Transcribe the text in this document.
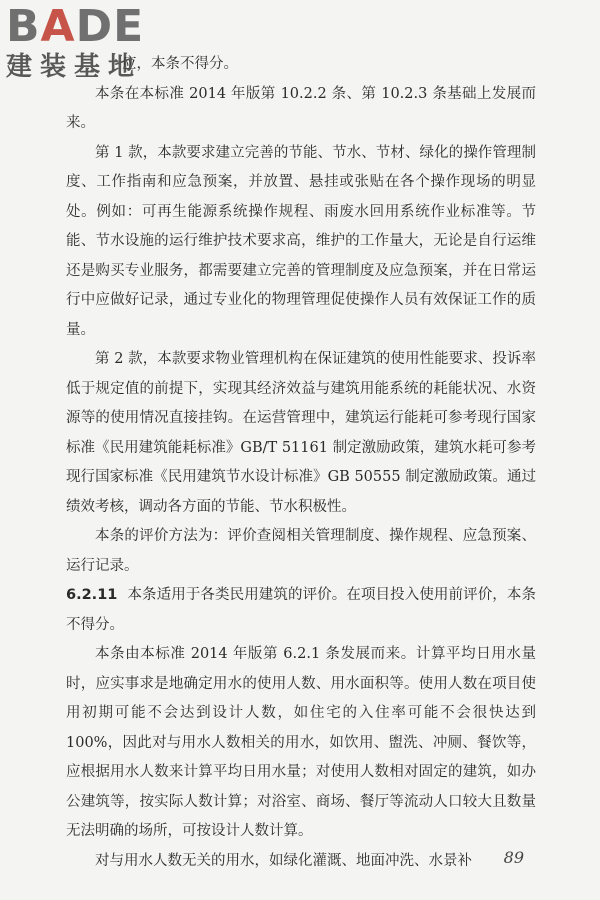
BADE
建装基地

应，本条不得分。

本条在本标准 2014 年版第 10.2.2 条、第 10.2.3 条基础上发展而来。

第 1 款，本款要求建立完善的节能、节水、节材、绿化的操作管理制度、工作指南和应急预案，并放置、悬挂或张贴在各个操作现场的明显处。例如：可再生能源系统操作规程、雨废水回用系统作业标准等。节能、节水设施的运行维护技术要求高，维护的工作量大，无论是自行运维还是购买专业服务，都需要建立完善的管理制度及应急预案，并在日常运行中应做好记录，通过专业化的物理管理促使操作人员有效保证工作的质量。

第 2 款，本款要求物业管理机构在保证建筑的使用性能要求、投诉率低于规定值的前提下，实现其经济效益与建筑用能系统的耗能状况、水资源等的使用情况直接挂钩。在运营管理中，建筑运行能耗可参考现行国家标准《民用建筑能耗标准》GB/T 51161 制定激励政策，建筑水耗可参考现行国家标准《民用建筑节水设计标准》GB 50555 制定激励政策。通过绩效考核，调动各方面的节能、节水积极性。

本条的评价方法为：评价查阅相关管理制度、操作规程、应急预案、运行记录。

6.2.11 本条适用于各类民用建筑的评价。在项目投入使用前评价，本条不得分。

本条由本标准 2014 年版第 6.2.1 条发展而来。计算平均日用水量时，应实事求是地确定用水的使用人数、用水面积等。使用人数在项目使用初期可能不会达到设计人数，如住宅的入住率可能不会很快达到 100%，因此对与用水人数相关的用水，如饮用、盥洗、冲厕、餐饮等，应根据用水人数来计算平均日用水量；对使用人数相对固定的建筑，如办公建筑等，按实际人数计算；对浴室、商场、餐厅等流动人口较大且数量无法明确的场所，可按设计人数计算。

对与用水人数无关的用水，如绿化灌溉、地面冲洗、水景补	89
